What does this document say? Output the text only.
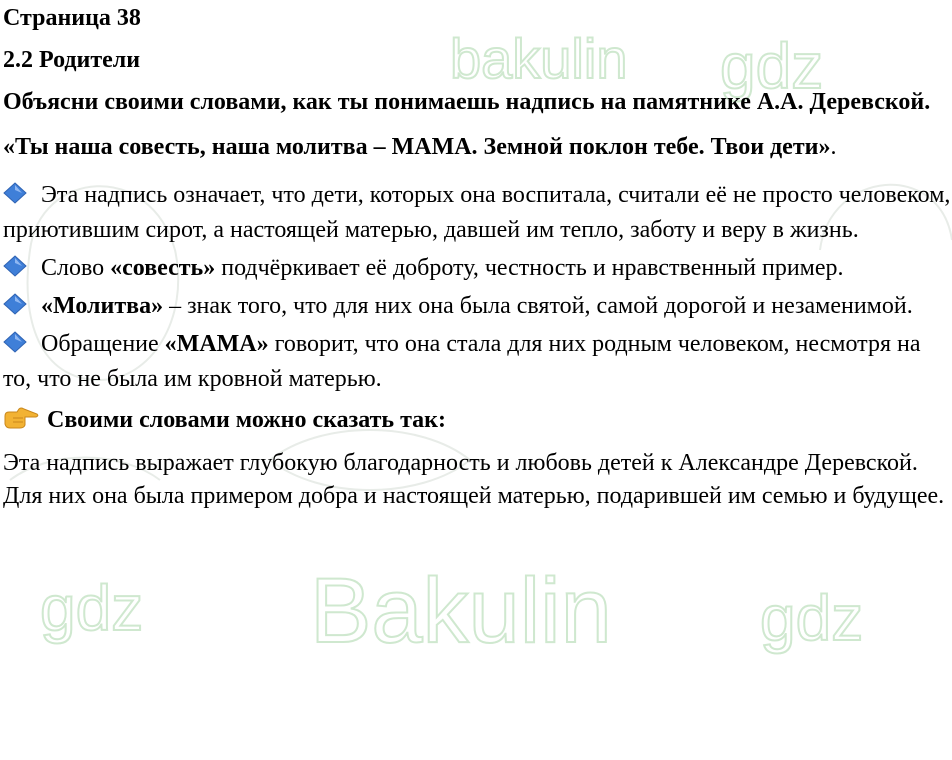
bakulin gdz
Bakulin
gdz	gdz
Страница 38
2.2 Родители
Объясни своими словами, как ты понимаешь надпись на памятнике А.А. Деревской.
«Ты наша совесть, наша молитва – МАМА. Земной поклон тебе. Твои дети».
Эта надпись означает, что дети, которых она воспитала, считали её не просто человеком, приютившим сирот, а настоящей матерью, давшей им тепло, заботу и веру в жизнь.
Слово «совесть» подчёркивает её доброту, честность и нравственный пример.
«Молитва» – знак того, что для них она была святой, самой дорогой и незаменимой.
Обращение «МАМА» говорит, что она стала для них родным человеком, несмотря на то, что не была им кровной матерью.
Своими словами можно сказать так:

Эта надпись выражает глубокую благодарность и любовь детей к Александре Деревской. Для них она была примером добра и настоящей матерью, подарившей им семью и будущее.
